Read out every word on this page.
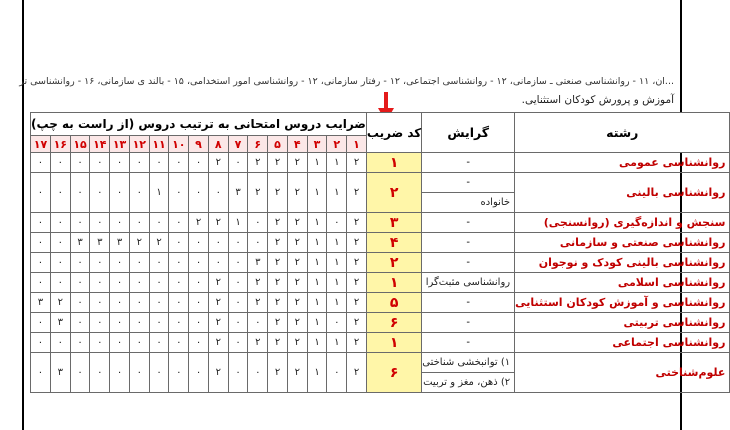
...ان، ۱۱ - روانشناسی صنعتی ـ سازمانی، ۱۲ - روانشناسی اجتماعی، ۱۲ - رفتار سازمانی، ۱۲ - روانشناسی امور استخدامی، ۱۵ - بالند ی سازمانی، ۱۶ - روانشناسی تر
آموزش و پرورش کودکان استثنایی.
رشته	گرایش	کد ضریب	ضرایب دروس امتحانی به ترتیب دروس (از راست به چپ)																
			۱	۲	۳	۴	۵	۶	۷	۸	۹	۱۰	۱۱	۱۲	۱۳	۱۴	۱۵	۱۶	۱۷
روانشناسی عمومی	-	۱	۲	۱	۱	۲	۲	۲	۰	۲	۰	۰	۰	۰	۰	۰	۰	۰	۰
روانشناسی بالینی	-	۲	۲	۱	۱	۲	۲	۲	۳	۰	۰	۰	۱	۰	۰	۰	۰	۰	۰
	خانواده																		
سنجش و اندازه‌گیری (روانسنجی)	-	۳	۲	۰	۱	۲	۲	۰	۱	۲	۲	۰	۰	۰	۰	۰	۰	۰	۰
روانشناسی صنعتی و سازمانی	-	۴	۲	۱	۱	۲	۲	۰	۰	۰	۰	۰	۲	۲	۳	۳	۳	۰	۰
روانشناسی بالینی کودک و نوجوان	-	۲	۲	۱	۱	۲	۲	۳	۰	۰	۰	۰	۰	۰	۰	۰	۰	۰	۰
روانشناسی اسلامی	روانشناسی مثبت‌گرا	۱	۲	۱	۱	۲	۲	۲	۰	۲	۰	۰	۰	۰	۰	۰	۰	۰	۰
روانشناسی و آموزش کودکان استثنایی	-	۵	۲	۱	۱	۲	۲	۲	۰	۲	۰	۰	۰	۰	۰	۰	۰	۲	۳
روانشناسی تربیتی	-	۶	۲	۰	۱	۲	۲	۰	۰	۲	۰	۰	۰	۰	۰	۰	۰	۳	۰
روانشناسی اجتماعی	-	۱	۲	۱	۱	۲	۲	۲	۰	۲	۰	۰	۰	۰	۰	۰	۰	۰	۰
علوم‌شناختی	۱) توانبخشی شناختی	۶	۲	۰	۱	۲	۲	۰	۰	۲	۰	۰	۰	۰	۰	۰	۰	۳	۰
	۲) ذهن، مغز و تربیت																		
